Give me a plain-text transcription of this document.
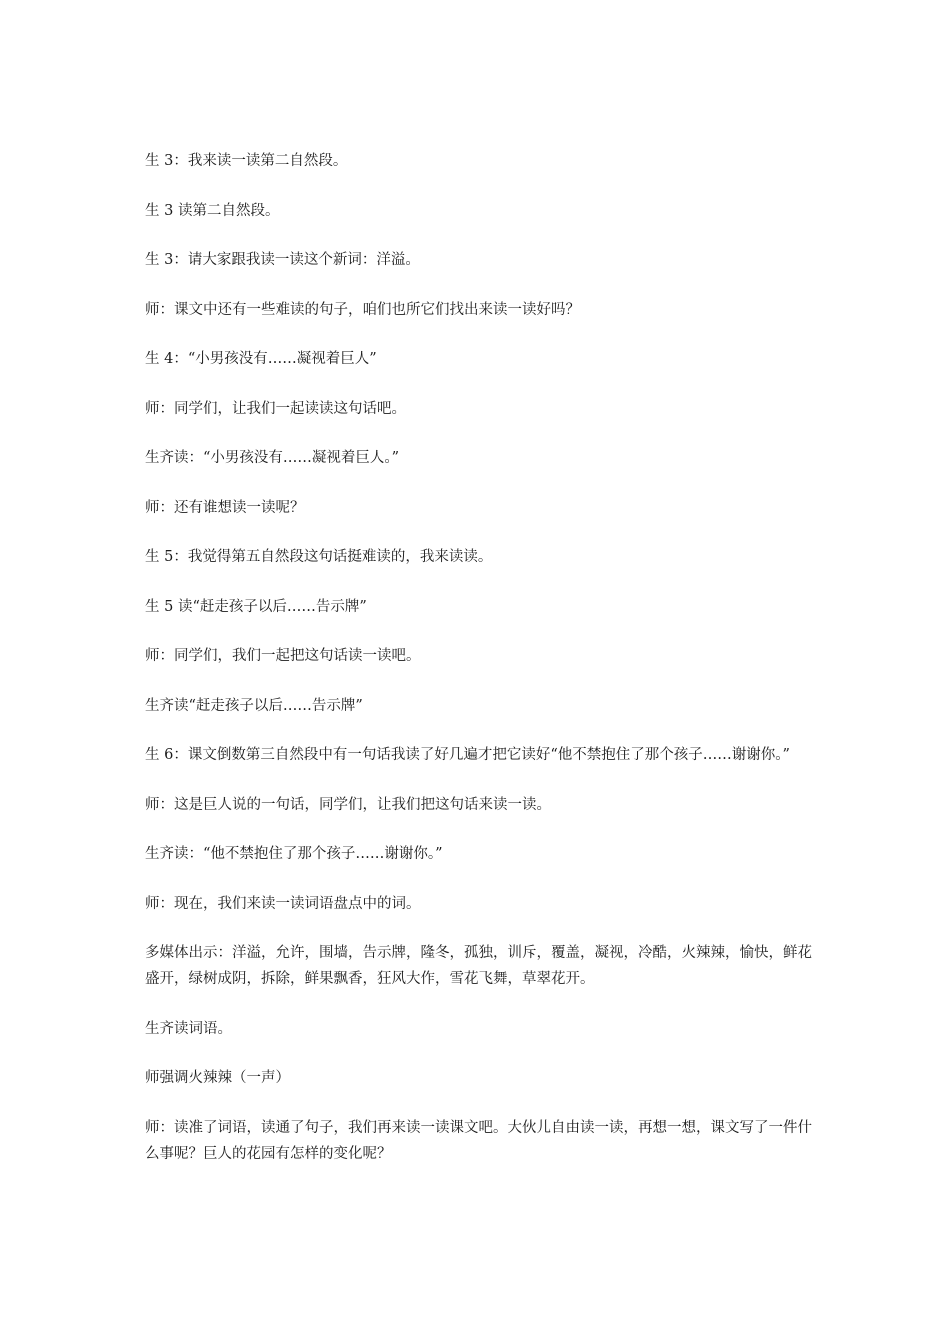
生 3：我来读一读第二自然段。

生 3 读第二自然段。

生 3：请大家跟我读一读这个新词：洋溢。

师：课文中还有一些难读的句子，咱们也所它们找出来读一读好吗？

生 4：“小男孩没有……凝视着巨人”

师：同学们，让我们一起读读这句话吧。

生齐读：“小男孩没有……凝视着巨人。”

师：还有谁想读一读呢？

生 5：我觉得第五自然段这句话挺难读的，我来读读。

生 5 读“赶走孩子以后……告示牌”

师：同学们，我们一起把这句话读一读吧。

生齐读“赶走孩子以后……告示牌”

生 6：课文倒数第三自然段中有一句话我读了好几遍才把它读好“他不禁抱住了那个孩子……谢谢你。”

师：这是巨人说的一句话，同学们，让我们把这句话来读一读。

生齐读：“他不禁抱住了那个孩子……谢谢你。”

师：现在，我们来读一读词语盘点中的词。

多媒体出示：洋溢，允许，围墙，告示牌，隆冬，孤独，训斥，覆盖，凝视，冷酷，火辣辣，愉快，鲜花盛开，绿树成阴，拆除，鲜果飘香，狂风大作，雪花飞舞，草翠花开。

生齐读词语。

师强调火辣辣（一声）

师：读准了词语，读通了句子，我们再来读一读课文吧。大伙儿自由读一读，再想一想，课文写了一件什么事呢？巨人的花园有怎样的变化呢？
